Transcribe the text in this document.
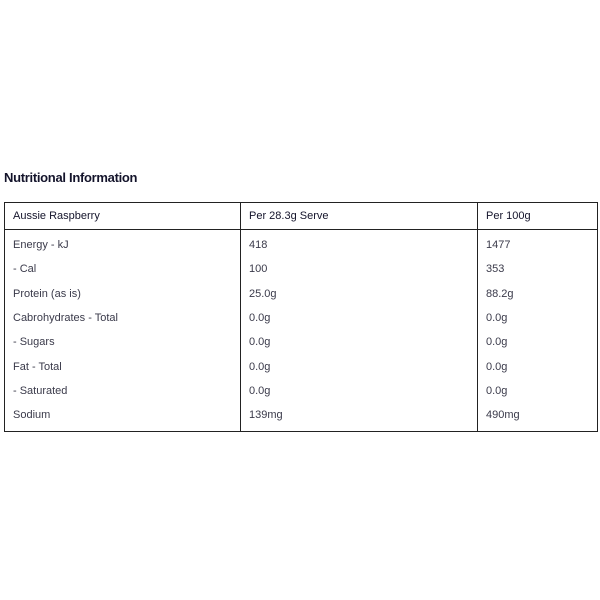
Nutritional Information
Aussie Raspberry	Per 28.3g Serve	Per 100g
Energy - kJ	418	1477
- Cal	100	353
Protein (as is)	25.0g	88.2g
Cabrohydrates - Total	0.0g	0.0g
- Sugars	0.0g	0.0g
Fat - Total	0.0g	0.0g
- Saturated	0.0g	0.0g
Sodium	139mg	490mg
